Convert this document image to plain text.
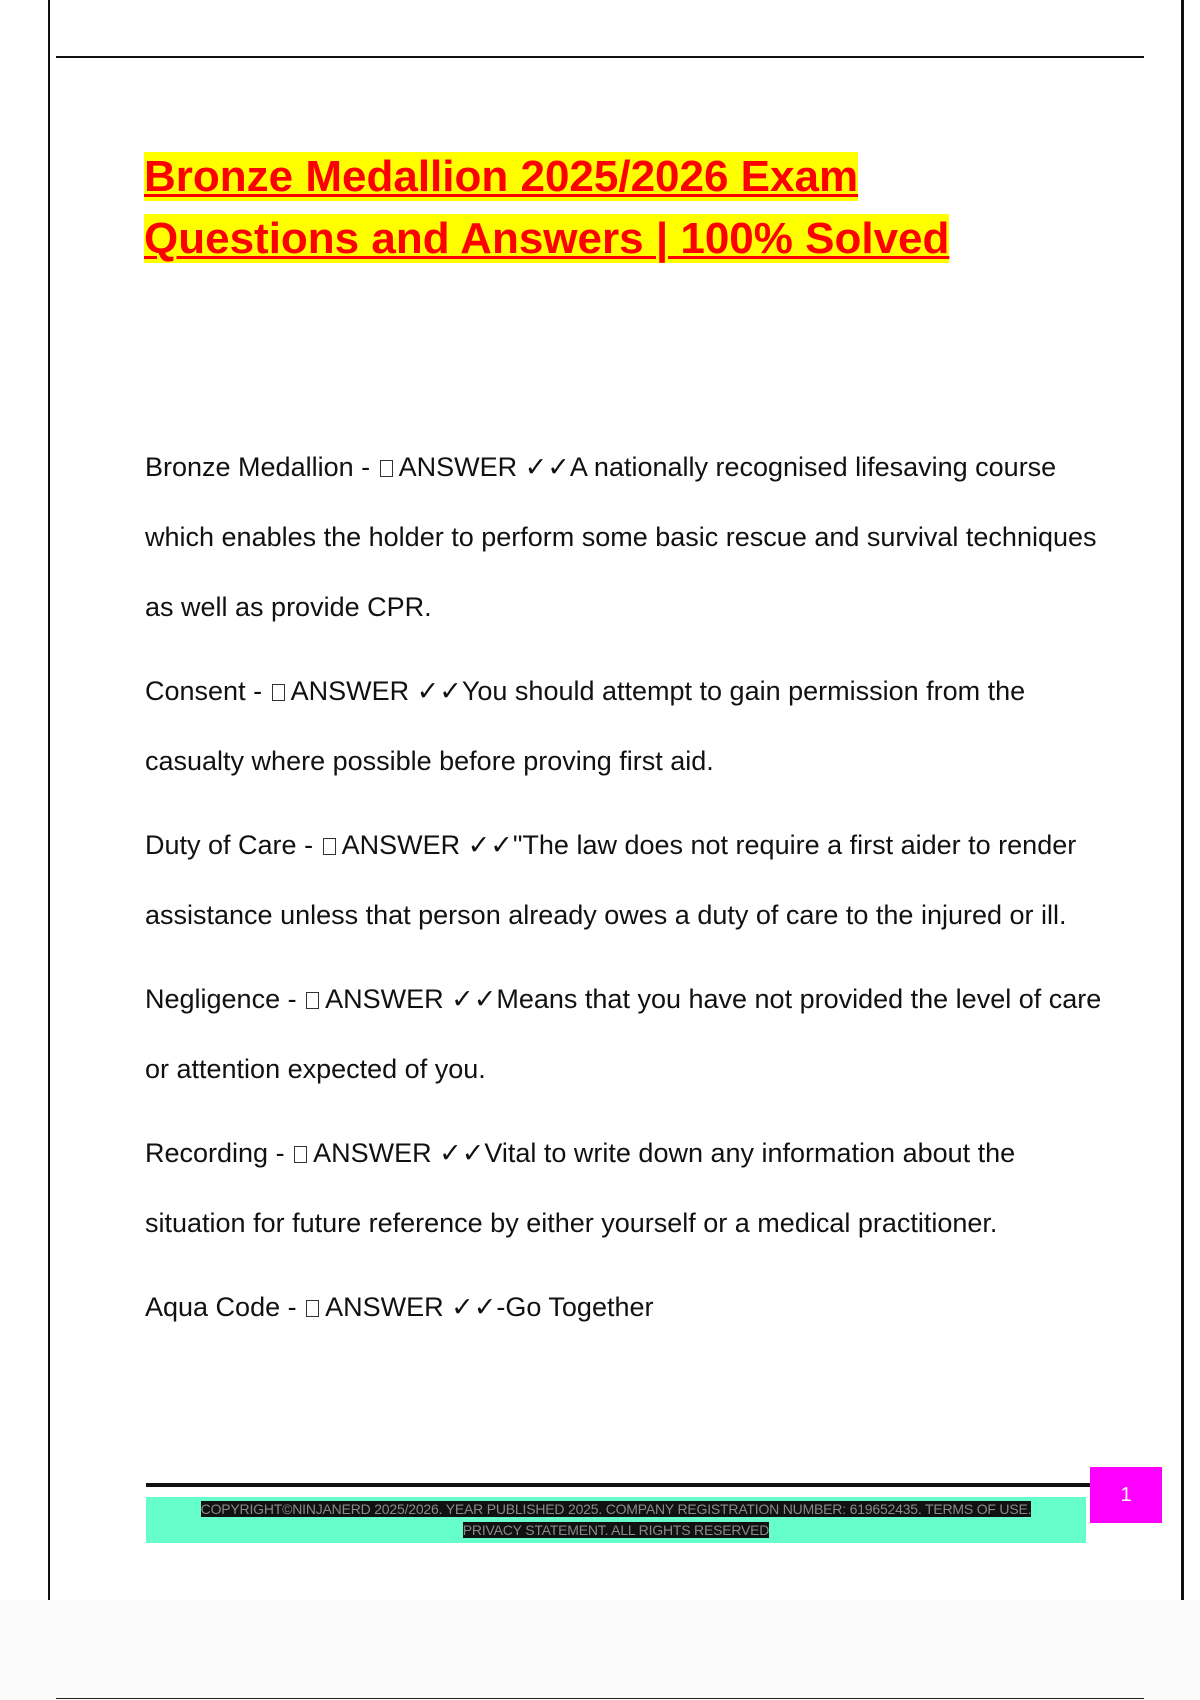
Bronze Medallion 2025/2026 Exam
Questions and Answers | 100% Solved

Bronze Medallion - ANSWER ✓✓A nationally recognised lifesaving course which enables the holder to perform some basic rescue and survival techniques as well as provide CPR.

Consent - ANSWER ✓✓You should attempt to gain permission from the casualty where possible before proving first aid.

Duty of Care - ANSWER ✓✓"The law does not require a first aider to render assistance unless that person already owes a duty of care to the injured or ill.

Negligence - ANSWER ✓✓Means that you have not provided the level of care or attention expected of you.

Recording - ANSWER ✓✓Vital to write down any information about the situation for future reference by either yourself or a medical practitioner.

Aqua Code - ANSWER ✓✓-Go Together

COPYRIGHT©NINJANERD 2025/2026. YEAR PUBLISHED 2025. COMPANY REGISTRATION NUMBER: 619652435. TERMS OF USE. PRIVACY STATEMENT. ALL RIGHTS RESERVED
1
